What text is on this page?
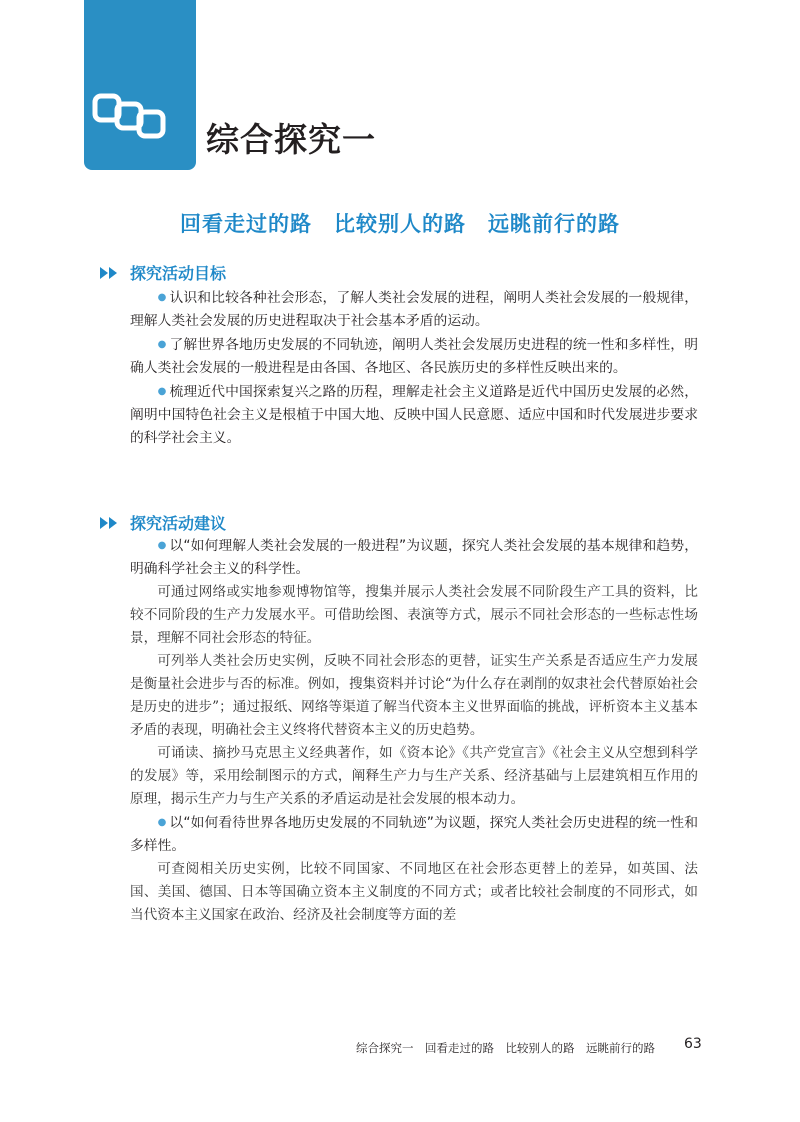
综合探究一
回看走过的路　比较别人的路　远眺前行的路
探究活动目标

● 认识和比较各种社会形态，了解人类社会发展的进程，阐明人类社会发展的一般规律，理解人类社会发展的历史进程取决于社会基本矛盾的运动。

● 了解世界各地历史发展的不同轨迹，阐明人类社会发展历史进程的统一性和多样性，明确人类社会发展的一般进程是由各国、各地区、各民族历史的多样性反映出来的。

● 梳理近代中国探索复兴之路的历程，理解走社会主义道路是近代中国历史发展的必然，阐明中国特色社会主义是根植于中国大地、反映中国人民意愿、适应中国和时代发展进步要求的科学社会主义。

探究活动建议

● 以“如何理解人类社会发展的一般进程”为议题，探究人类社会发展的基本规律和趋势，明确科学社会主义的科学性。

可通过网络或实地参观博物馆等，搜集并展示人类社会发展不同阶段生产工具的资料，比较不同阶段的生产力发展水平。可借助绘图、表演等方式，展示不同社会形态的一些标志性场景，理解不同社会形态的特征。

可列举人类社会历史实例，反映不同社会形态的更替，证实生产关系是否适应生产力发展是衡量社会进步与否的标准。例如，搜集资料并讨论“为什么存在剥削的奴隶社会代替原始社会是历史的进步”；通过报纸、网络等渠道了解当代资本主义世界面临的挑战，评析资本主义基本矛盾的表现，明确社会主义终将代替资本主义的历史趋势。

可诵读、摘抄马克思主义经典著作，如《资本论》《共产党宣言》《社会主义从空想到科学的发展》等，采用绘制图示的方式，阐释生产力与生产关系、经济基础与上层建筑相互作用的原理，揭示生产力与生产关系的矛盾运动是社会发展的根本动力。

● 以“如何看待世界各地历史发展的不同轨迹”为议题，探究人类社会历史进程的统一性和多样性。

可查阅相关历史实例，比较不同国家、不同地区在社会形态更替上的差异，如英国、法国、美国、德国、日本等国确立资本主义制度的不同方式；或者比较社会制度的不同形式，如当代资本主义国家在政治、经济及社会制度等方面的差

综合探究一　回看走过的路　比较别人的路　远眺前行的路 63
